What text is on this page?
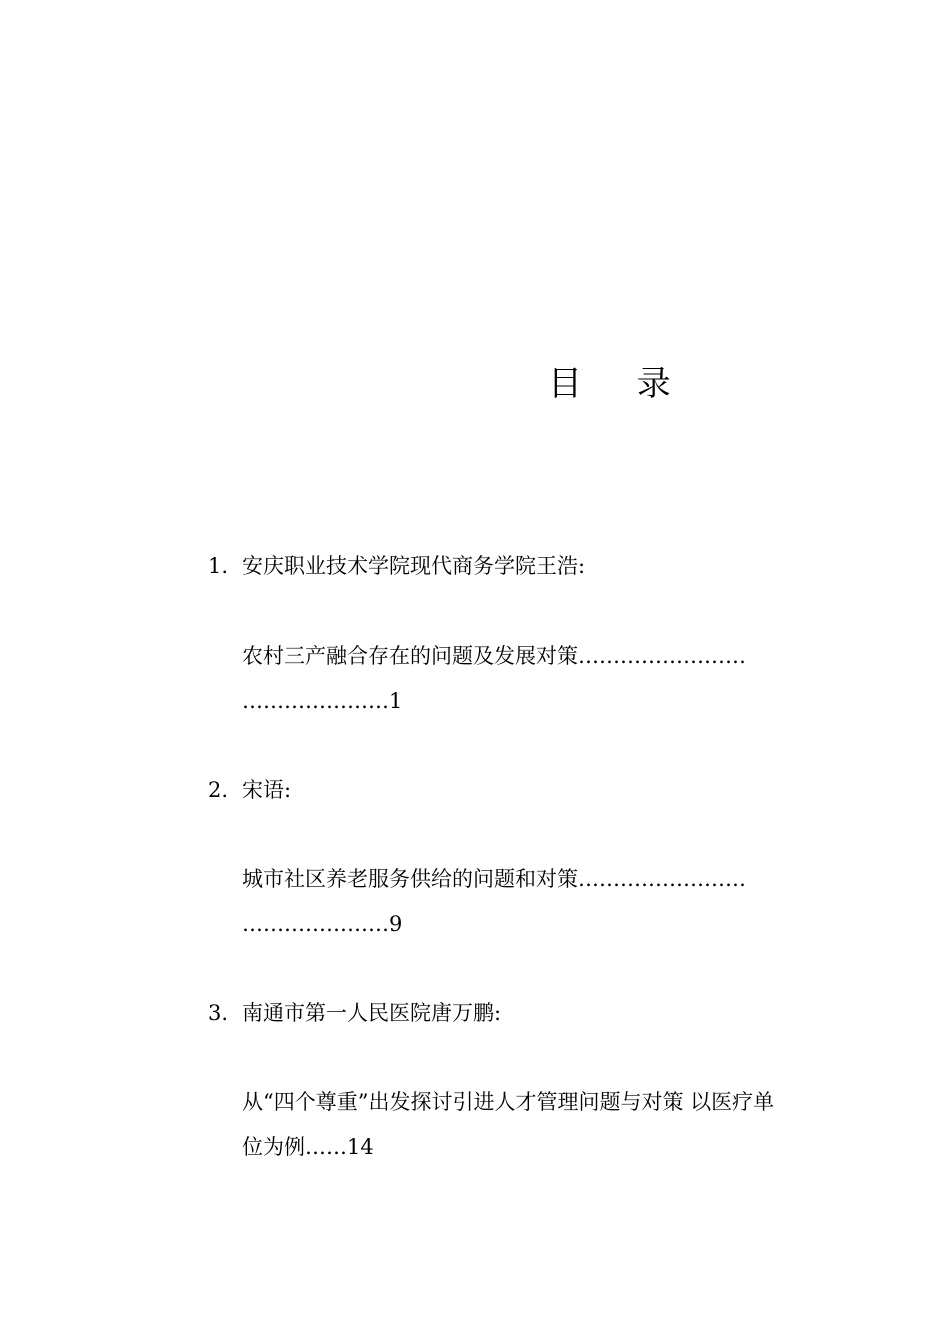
目 录
1. 安庆职业技术学院现代商务学院王浩:
农村三产融合存在的问题及发展对策……………………
…………………1
2. 宋语:
城市社区养老服务供给的问题和对策……………………
…………………9
3. 南通市第一人民医院唐万鹏:
从“四个尊重”出发探讨引进人才管理问题与对策 以医疗单
位为例……14
